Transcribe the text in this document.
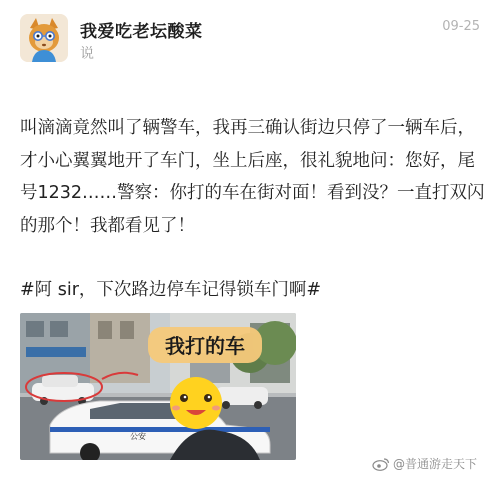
我爱吃老坛酸菜
说
09-25
叫滴滴竟然叫了辆警车，我再三确认街边只停了一辆车后，才小心翼翼地开了车门，坐上后座，很礼貌地问：您好，尾号1232……警察：你打的车在街对面！看到没？一直打双闪的那个！我都看见了！
#阿 sir，下次路边停车记得锁车门啊#
公安
我打的车
@普通游走天下
